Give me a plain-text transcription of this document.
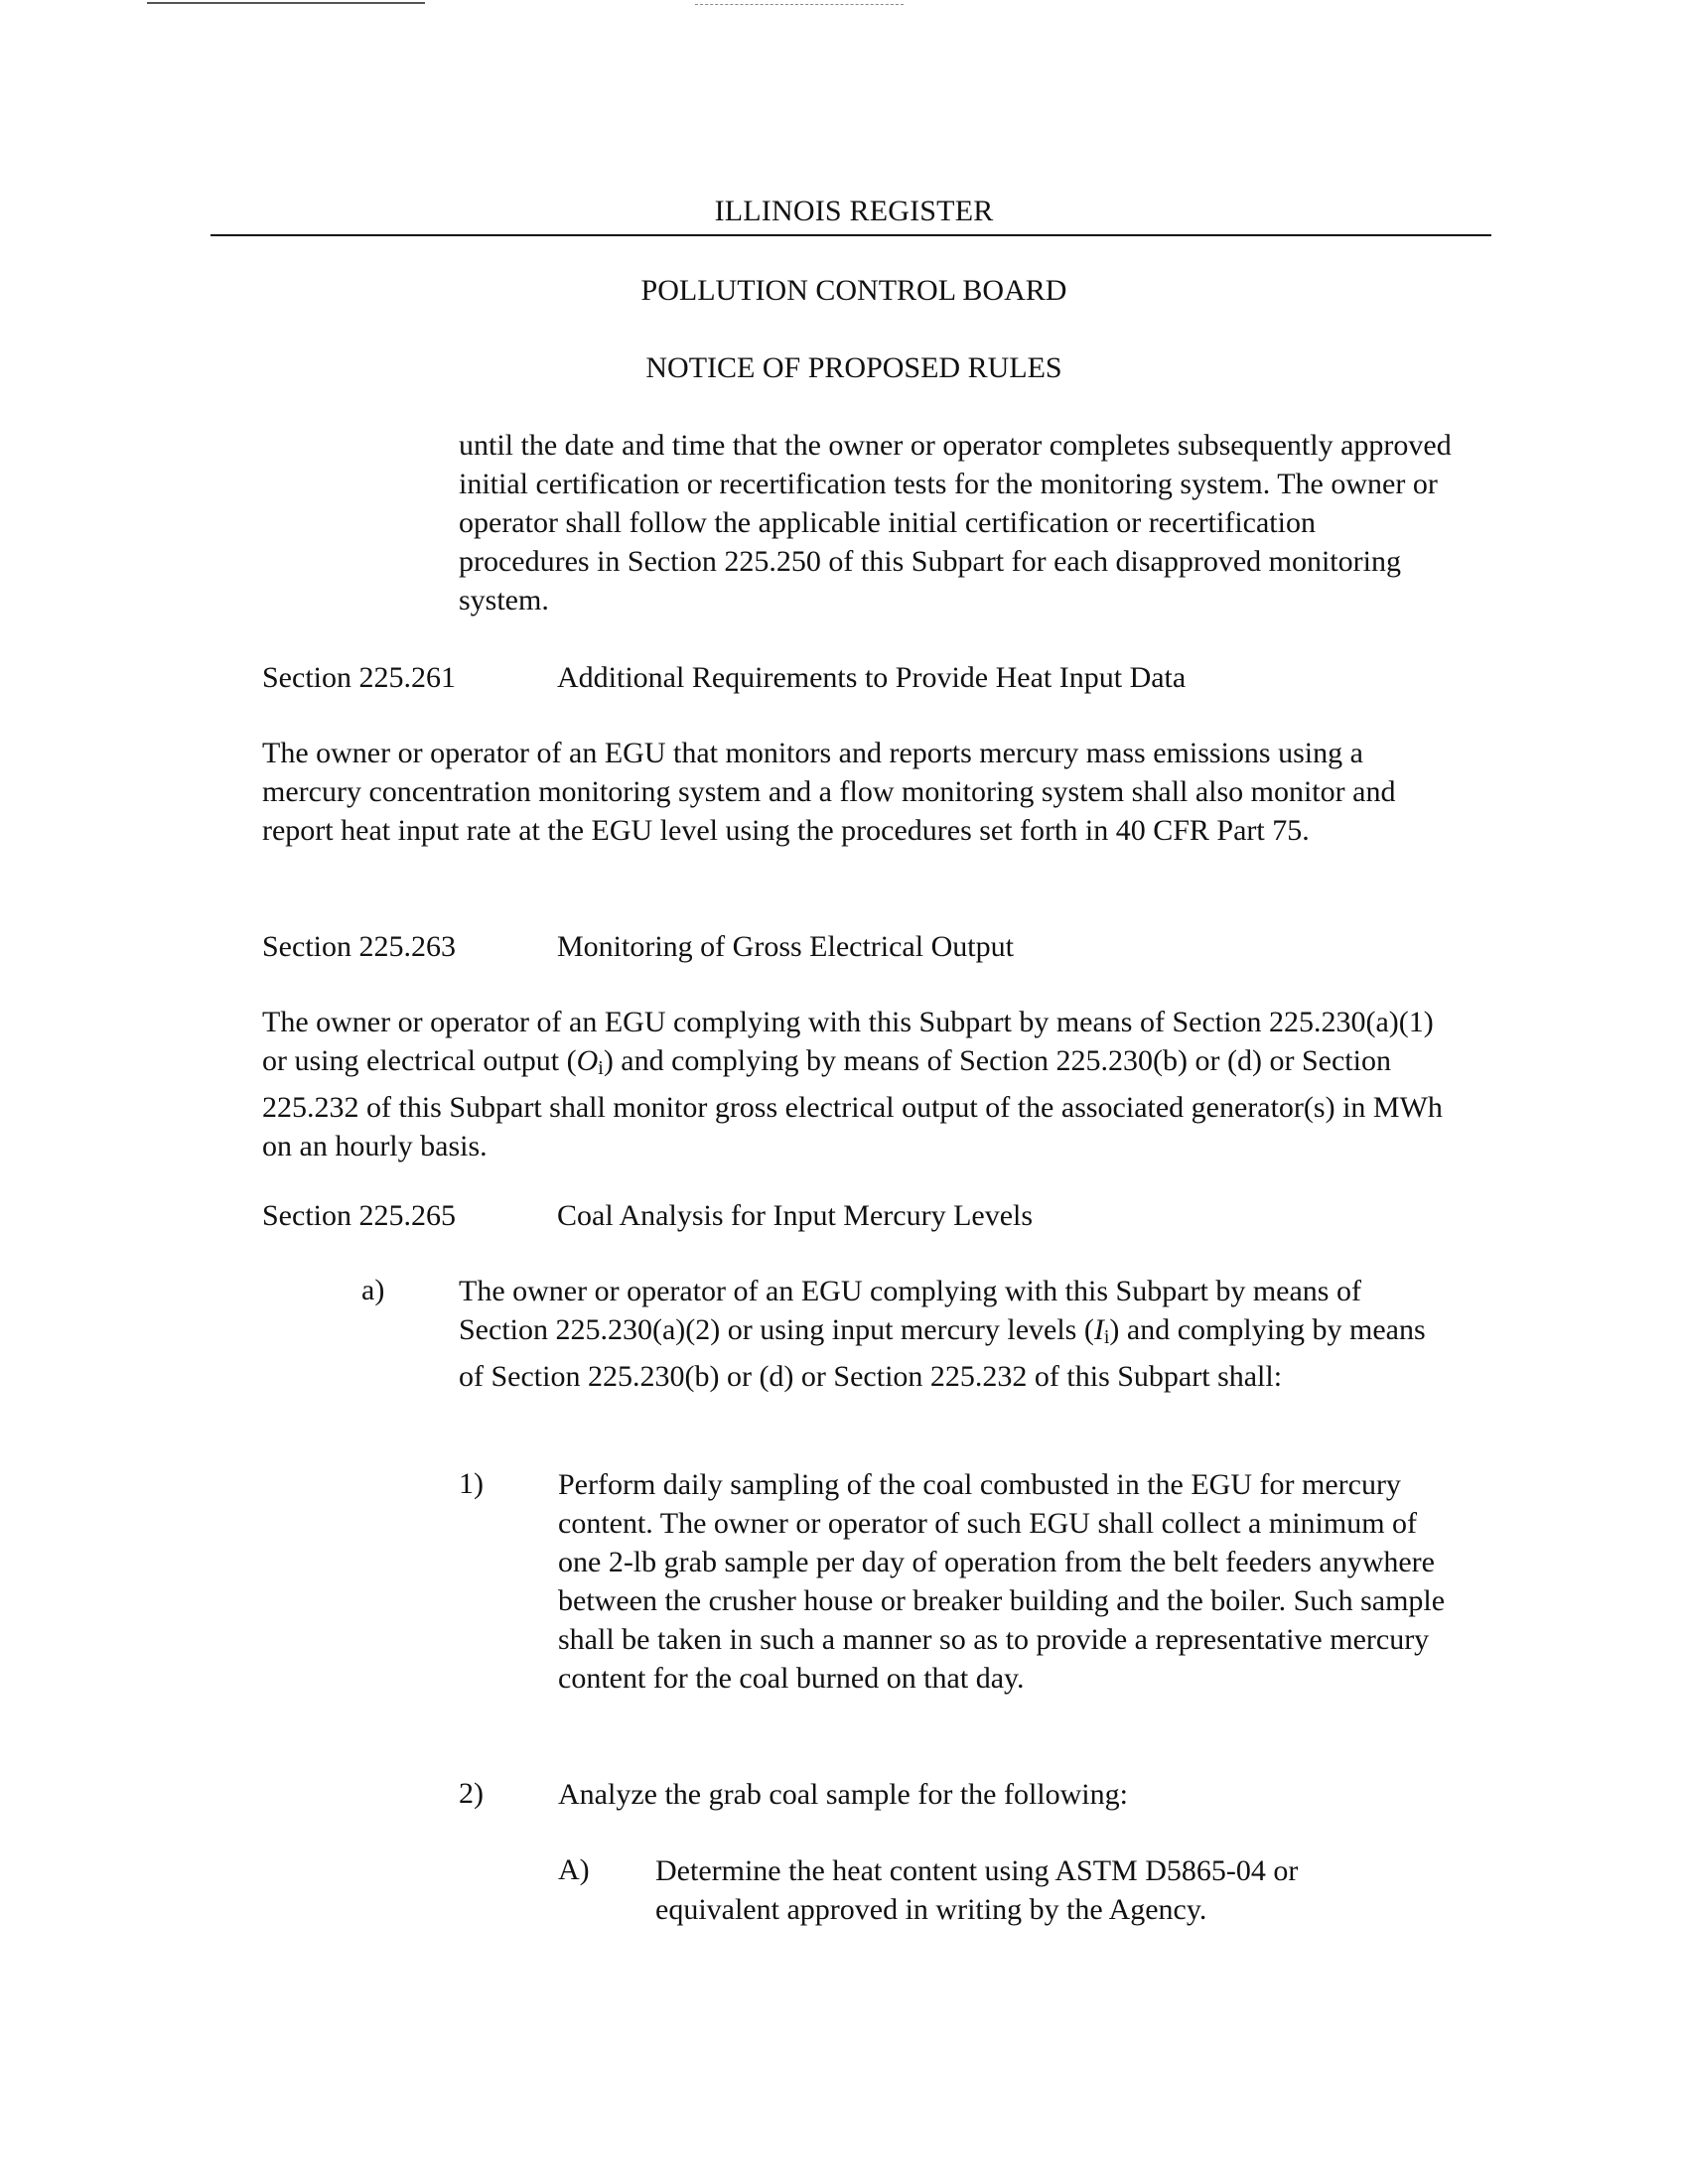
ILLINOIS REGISTER
POLLUTION CONTROL BOARD
NOTICE OF PROPOSED RULES
until the date and time that the owner or operator completes subsequently approved initial certification or recertification tests for the monitoring system. The owner or operator shall follow the applicable initial certification or recertification procedures in Section 225.250 of this Subpart for each disapproved monitoring system.
Section 225.261	Additional Requirements to Provide Heat Input Data
The owner or operator of an EGU that monitors and reports mercury mass emissions using a mercury concentration monitoring system and a flow monitoring system shall also monitor and report heat input rate at the EGU level using the procedures set forth in 40 CFR Part 75.
Section 225.263	Monitoring of Gross Electrical Output
The owner or operator of an EGU complying with this Subpart by means of Section 225.230(a)(1) or using electrical output $(O_i)$ and complying by means of Section 225.230(b) or (d) or Section 225.232 of this Subpart shall monitor gross electrical output of the associated generator(s) in MWh on an hourly basis.
Section 225.265	Coal Analysis for Input Mercury Levels
a) The owner or operator of an EGU complying with this Subpart by means of Section 225.230(a)(2) or using input mercury levels $(I_i)$ and complying by means of Section 225.230(b) or (d) or Section 225.232 of this Subpart shall:
1)	Perform daily sampling of the coal combusted in the EGU for mercury content. The owner or operator of such EGU shall collect a minimum of one 2-lb grab sample per day of operation from the belt feeders anywhere between the crusher house or breaker building and the boiler. Such sample shall be taken in such a manner so as to provide a representative mercury content for the coal burned on that day.
2)	Analyze the grab coal sample for the following:
A) Determine the heat content using ASTM D5865-04 or equivalent approved in writing by the Agency.
